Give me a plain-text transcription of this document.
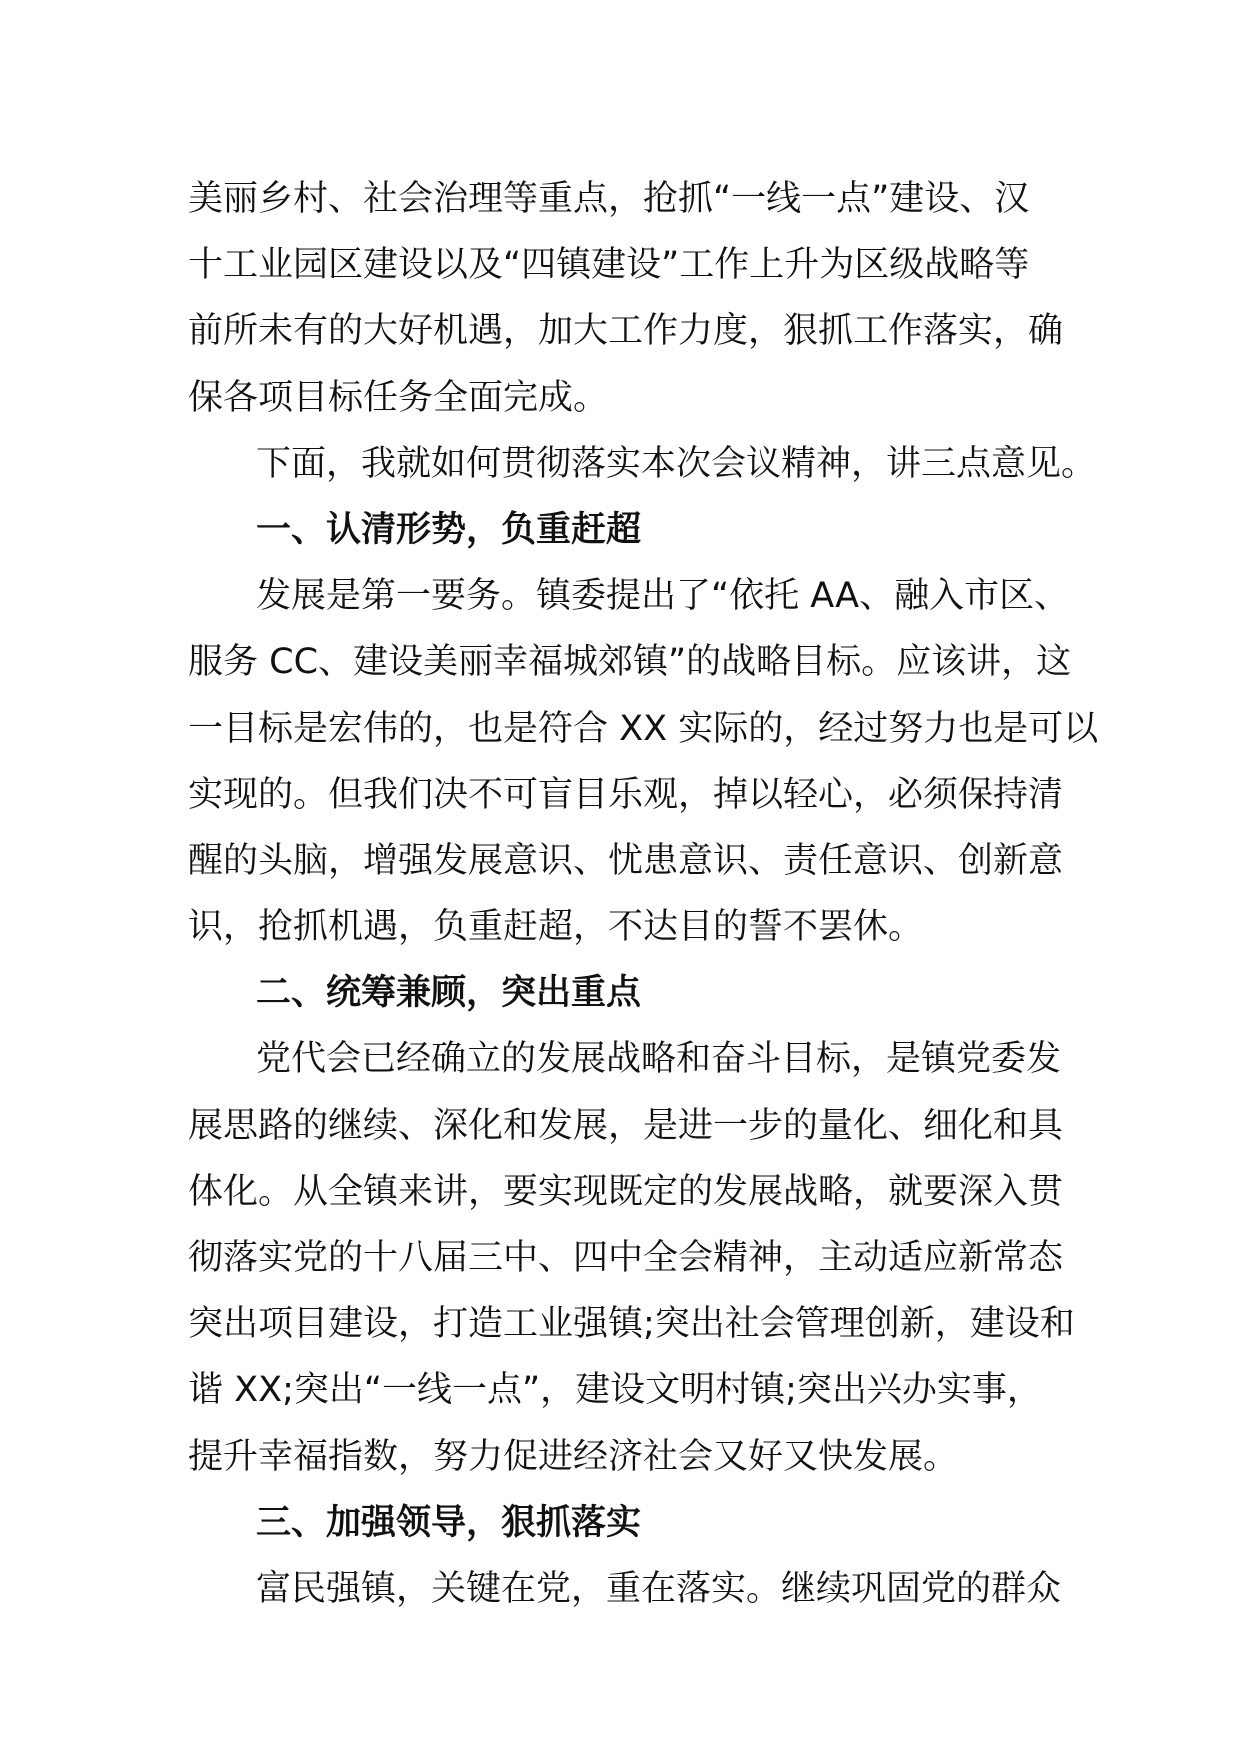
美丽乡村、社会治理等重点，抢抓“一线一点”建设、汉
十工业园区建设以及“四镇建设”工作上升为区级战略等
前所未有的大好机遇，加大工作力度，狠抓工作落实，确
保各项目标任务全面完成。
下面，我就如何贯彻落实本次会议精神，讲三点意见。
一、认清形势，负重赶超
发展是第一要务。镇委提出了“依托 AA、融入市区、
服务 CC、建设美丽幸福城郊镇”的战略目标。应该讲，这
一目标是宏伟的，也是符合 XX 实际的，经过努力也是可以
实现的。但我们决不可盲目乐观，掉以轻心，必须保持清
醒的头脑，增强发展意识、忧患意识、责任意识、创新意
识，抢抓机遇，负重赶超，不达目的誓不罢休。
二、统筹兼顾，突出重点
党代会已经确立的发展战略和奋斗目标，是镇党委发
展思路的继续、深化和发展，是进一步的量化、细化和具
体化。从全镇来讲，要实现既定的发展战略，就要深入贯
彻落实党的十八届三中、四中全会精神，主动适应新常态
突出项目建设，打造工业强镇;突出社会管理创新，建设和
谐 XX;突出“一线一点”，建设文明村镇;突出兴办实事，
提升幸福指数，努力促进经济社会又好又快发展。
三、加强领导，狠抓落实
富民强镇，关键在党，重在落实。继续巩固党的群众
